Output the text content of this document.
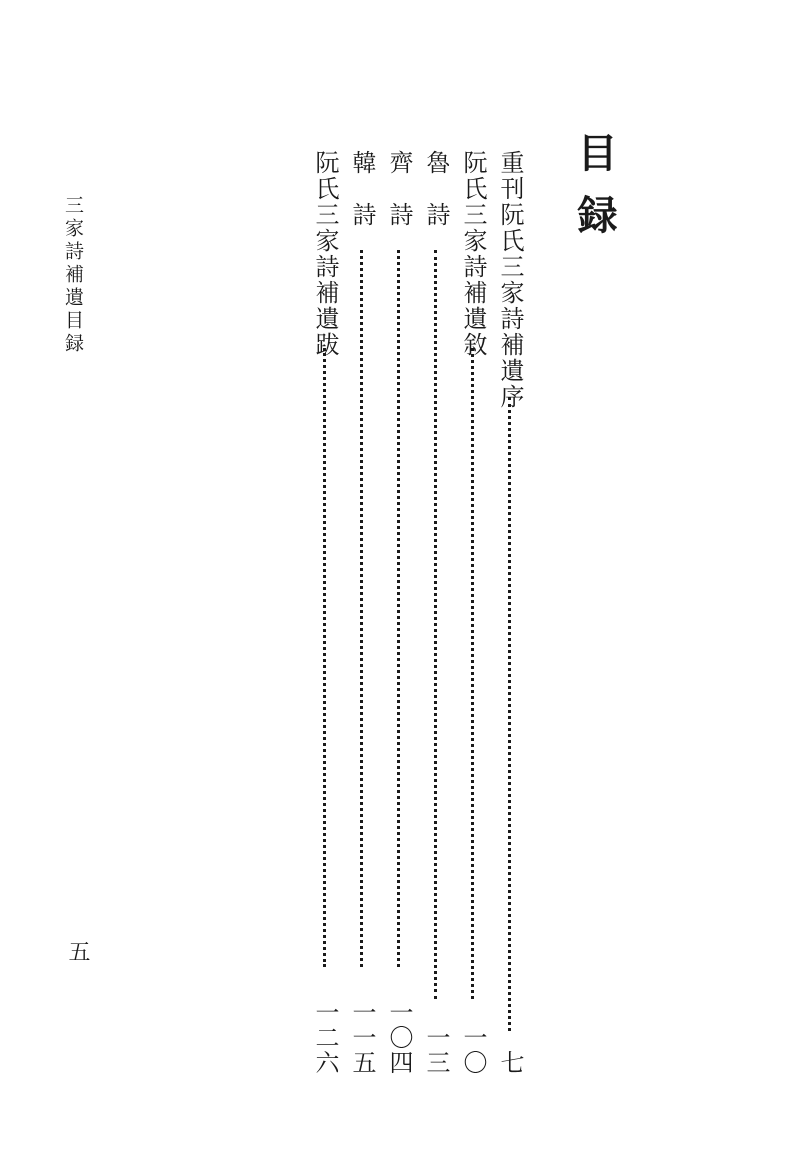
三家詩補遺目録
五
目録
重刊阮氏三家詩補遺序
七
阮氏三家詩補遺敘
一〇
魯　詩
一三
齊　詩
一〇四
韓　詩
一一五
阮氏三家詩補遺跋
一二六
